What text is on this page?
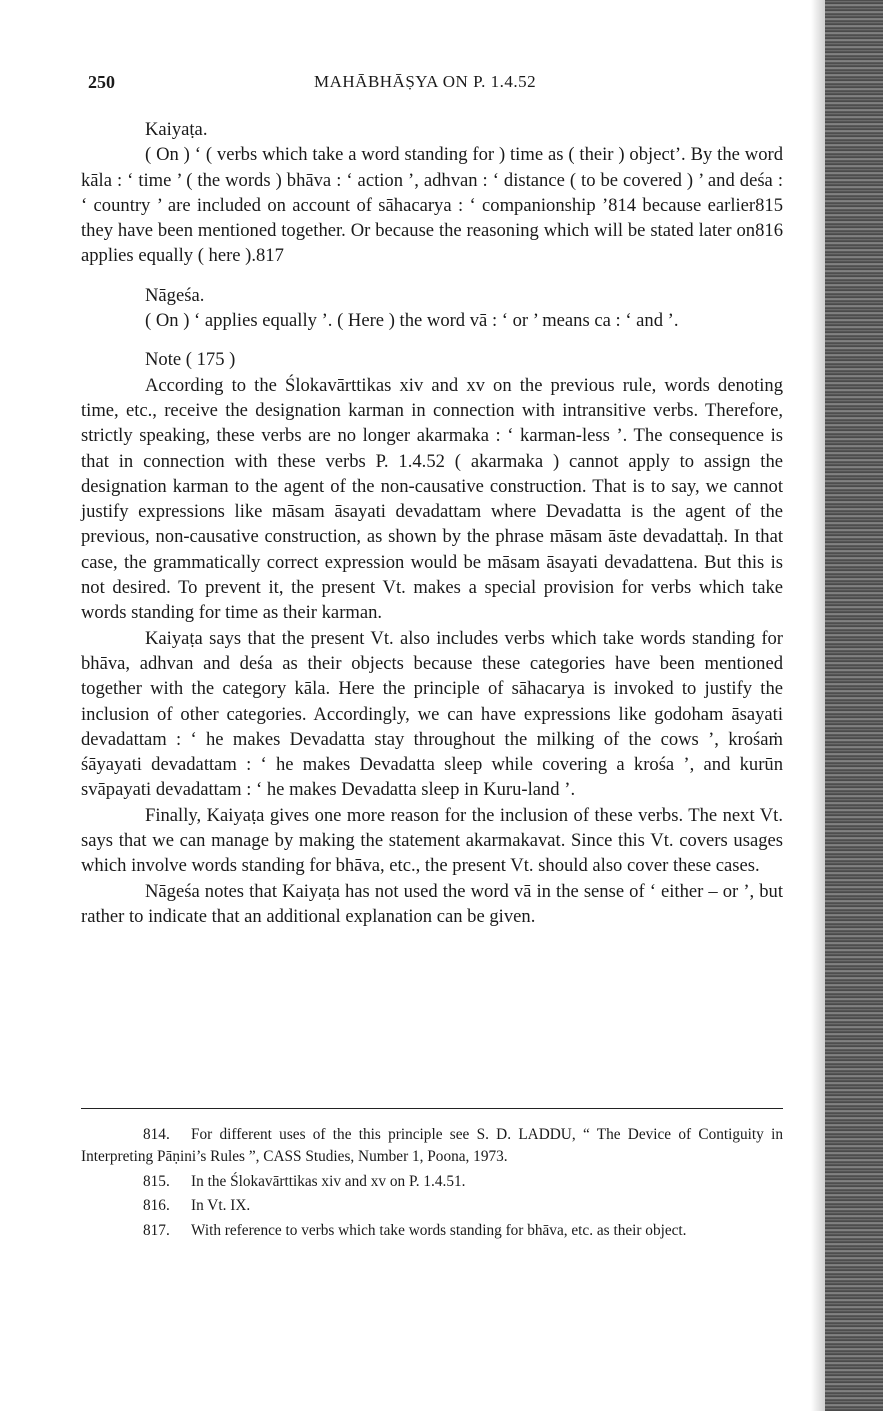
250	MAHĀBHĀṢYA ON P. 1.4.52

Kaiyaṭa.

( On ) ‘ ( verbs which take a word standing for ) time as ( their ) object’. By the word kāla : ‘ time ’ ( the words ) bhāva : ‘ action ’, adhvan : ‘ distance ( to be covered ) ’ and deśa : ‘ country ’ are included on account of sāhacarya : ‘ companionship ’814 because earlier815 they have been mentioned together. Or because the reasoning which will be stated later on816 applies equally ( here ).817

Nāgeśa.

( On ) ‘ applies equally ’. ( Here ) the word vā : ‘ or ’ means ca : ‘ and ’.

Note ( 175 )

According to the Ślokavārttikas xiv and xv on the previous rule, words denoting time, etc., receive the designation karman in connection with intransitive verbs. Therefore, strictly speaking, these verbs are no longer akarmaka : ‘ karman-less ’. The consequence is that in connection with these verbs P. 1.4.52 ( akarmaka ) cannot apply to assign the designation karman to the agent of the non-causative construction. That is to say, we cannot justify expressions like māsam āsayati devadattam where Devadatta is the agent of the previous, non-causative construction, as shown by the phrase māsam āste devadattaḥ. In that case, the grammatically correct expression would be māsam āsayati devadattena. But this is not desired. To prevent it, the present Vt. makes a special provision for verbs which take words standing for time as their karman.

Kaiyaṭa says that the present Vt. also includes verbs which take words standing for bhāva, adhvan and deśa as their objects because these categories have been mentioned together with the category kāla. Here the principle of sāhacarya is invoked to justify the inclusion of other categories. Accordingly, we can have expressions like godoham āsayati devadattam : ‘ he makes Devadatta stay throughout the milking of the cows ’, krośaṁ śāyayati devadattam : ‘ he makes Devadatta sleep while covering a krośa ’, and kurūn svāpayati devadattam : ‘ he makes Devadatta sleep in Kuru-land ’.

Finally, Kaiyaṭa gives one more reason for the inclusion of these verbs. The next Vt. says that we can manage by making the statement akarmakavat. Since this Vt. covers usages which involve words standing for bhāva, etc., the present Vt. should also cover these cases.

Nāgeśa notes that Kaiyaṭa has not used the word vā in the sense of ‘ either – or ’, but rather to indicate that an additional explanation can be given.

814. For different uses of the this principle see S. D. LADDU, “ The Device of Contiguity in Interpreting Pāṇini’s Rules ”, CASS Studies, Number 1, Poona, 1973.

815. In the Ślokavārttikas xiv and xv on P. 1.4.51.

816. In Vt. IX.

817. With reference to verbs which take words standing for bhāva, etc. as their object.
